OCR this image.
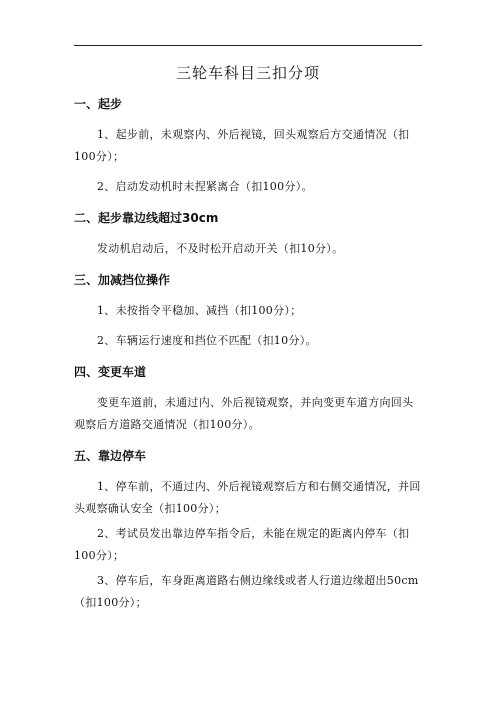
三轮车科目三扣分项
一、起步

1、起步前，未观察内、外后视镜，回头观察后方交通情况（扣100分）；

2、启动发动机时未捏紧离合（扣100分）。

二、起步靠边线超过30cm

发动机启动后，不及时松开启动开关（扣10分）。

三、加减挡位操作

1、未按指令平稳加、减挡（扣100分）；

2、车辆运行速度和挡位不匹配（扣10分）。

四、变更车道

变更车道前，未通过内、外后视镜观察，并向变更车道方向回头观察后方道路交通情况（扣100分）。

五、靠边停车

1、停车前，不通过内、外后视镜观察后方和右侧交通情况，并回头观察确认安全（扣100分）；

2、考试员发出靠边停车指令后，未能在规定的距离内停车（扣100分）；

3、停车后，车身距离道路右侧边缘线或者人行道边缘超出50cm（扣100分）；
